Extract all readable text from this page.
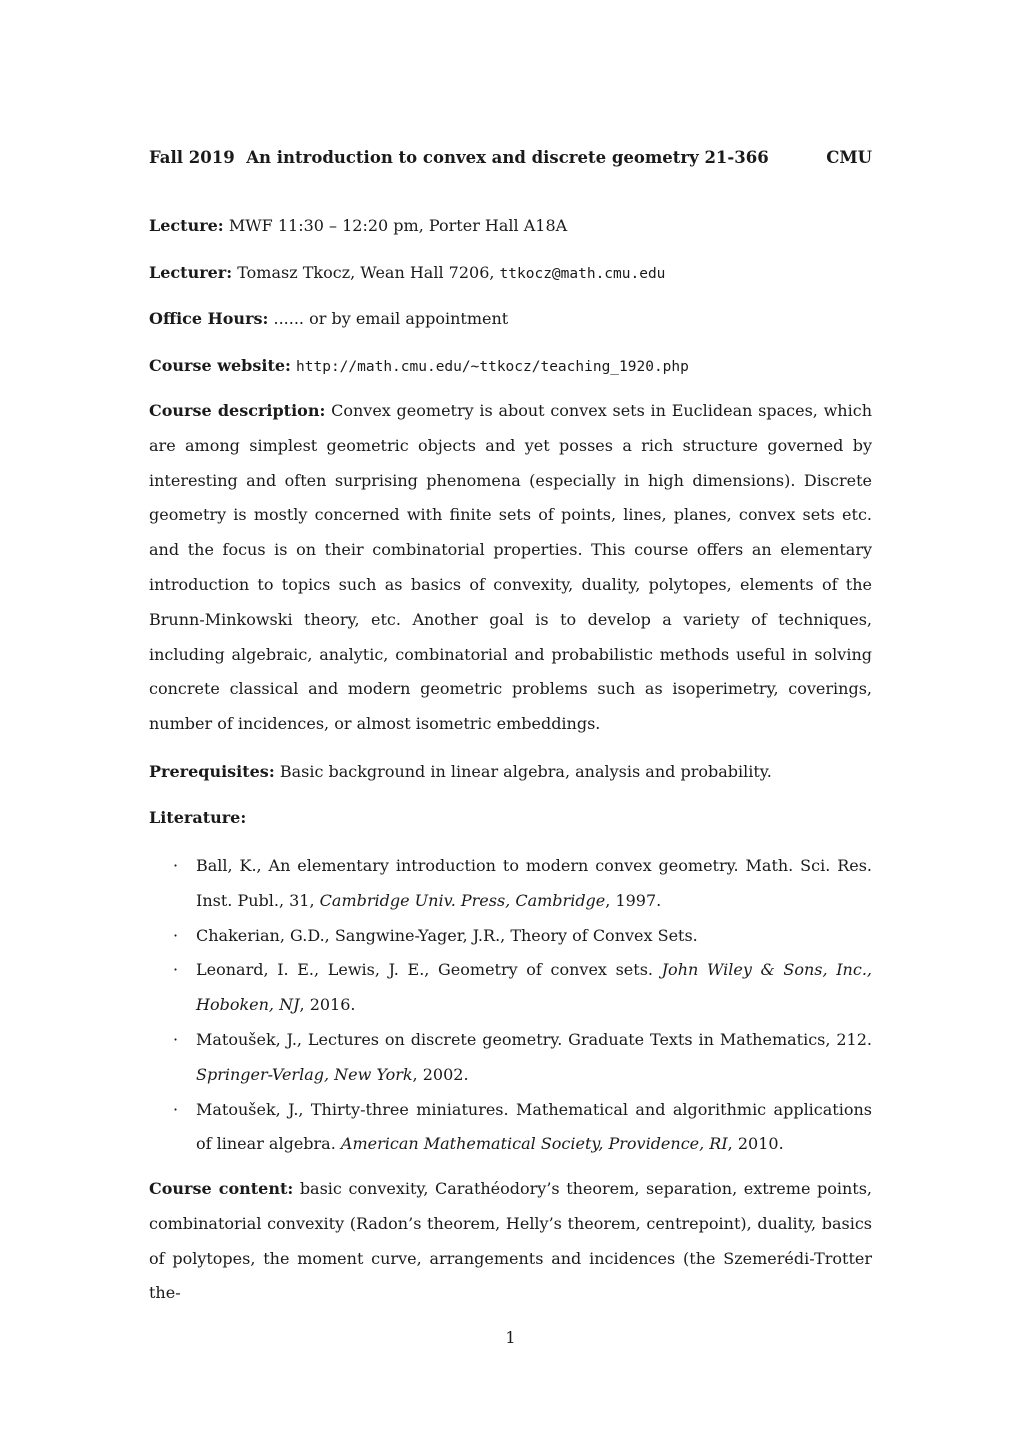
Fall 2019 An introduction to convex and discrete geometry 21-366	CMU
Lecture: MWF 11:30 – 12:20 pm, Porter Hall A18A
Lecturer: Tomasz Tkocz, Wean Hall 7206, ttkocz@math.cmu.edu
Office Hours: ...... or by email appointment
Course website: http://math.cmu.edu/∼ttkocz/teaching_1920.php
Course description: Convex geometry is about convex sets in Euclidean spaces, which are among simplest geometric objects and yet posses a rich structure governed by interesting and often surprising phenomena (especially in high dimensions). Discrete geometry is mostly concerned with finite sets of points, lines, planes, convex sets etc. and the focus is on their combinatorial properties. This course offers an elementary introduction to topics such as basics of convexity, duality, polytopes, elements of the Brunn-Minkowski theory, etc. Another goal is to develop a variety of techniques, including algebraic, analytic, combinatorial and probabilistic methods useful in solving concrete classical and modern geometric problems such as isoperimetry, coverings, number of incidences, or almost isometric embeddings.
Prerequisites: Basic background in linear algebra, analysis and probability.
Literature:
· Ball, K., An elementary introduction to modern convex geometry. Math. Sci. Res. Inst. Publ., 31, Cambridge Univ. Press, Cambridge, 1997.
· Chakerian, G.D., Sangwine-Yager, J.R., Theory of Convex Sets.
· Leonard, I. E., Lewis, J. E., Geometry of convex sets. John Wiley & Sons, Inc., Hoboken, NJ, 2016.
· Matoušek, J., Lectures on discrete geometry. Graduate Texts in Mathematics, 212. Springer-Verlag, New York, 2002.
· Matoušek, J., Thirty-three miniatures. Mathematical and algorithmic applications of linear algebra. American Mathematical Society, Providence, RI, 2010.
Course content: basic convexity, Carathéodory’s theorem, separation, extreme points, combinatorial convexity (Radon’s theorem, Helly’s theorem, centrepoint), duality, basics of polytopes, the moment curve, arrangements and incidences (the Szemerédi-Trotter the-
1
